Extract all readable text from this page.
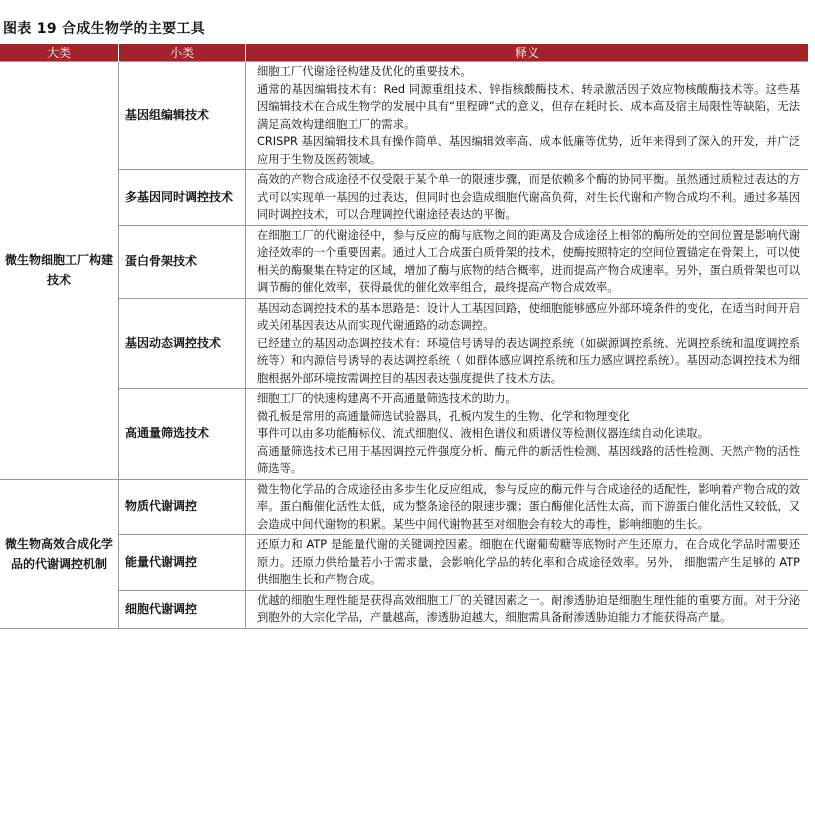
图表 19 合成生物学的主要工具
大类	小类	释义
微生物细胞工厂构建技术	基因组编辑技术	细胞工厂代谢途径构建及优化的重要技术。

通常的基因编辑技术有：Red 同源重组技术、锌指核酸酶技术、转录激活因子效应物核酸酶技术等。这些基因编辑技术在合成生物学的发展中具有“里程碑”式的意义，但存在耗时长、成本高及宿主局限性等缺陷，无法满足高效构建细胞工厂的需求。

CRISPR 基因编辑技术具有操作简单、基因编辑效率高、成本低廉等优势，近年来得到了深入的开发，并广泛应用于生物及医药领域。

	多基因同时调控技术	高效的产物合成途径不仅受限于某个单一的限速步骤，而是依赖多个酶的协同平衡。虽然通过质粒过表达的方式可以实现单一基因的过表达，但同时也会造成细胞代谢高负荷，对生长代谢和产物合成均不利。通过多基因同时调控技术，可以合理调控代谢途径表达的平衡。

	蛋白骨架技术	在细胞工厂的代谢途径中，参与反应的酶与底物之间的距离及合成途径上相邻的酶所处的空间位置是影响代谢途径效率的一个重要因素。通过人工合成蛋白质骨架的技术，使酶按照特定的空间位置锚定在骨架上，可以使相关的酶聚集在特定的区域，增加了酶与底物的结合概率，进而提高产物合成速率。另外，蛋白质骨架也可以调节酶的催化效率，获得最优的催化效率组合，最终提高产物合成效率。

	基因动态调控技术	基因动态调控技术的基本思路是：设计人工基因回路，使细胞能够感应外部环境条件的变化，在适当时间开启或关闭基因表达从而实现代谢通路的动态调控。

已经建立的基因动态调控技术有：环境信号诱导的表达调控系统（如碳源调控系统、光调控系统和温度调控系统等）和内源信号诱导的表达调控系统（ 如群体感应调控系统和压力感应调控系统）。基因动态调控技术为细胞根据外部环境按需调控目的基因表达强度提供了技术方法。

	高通量筛选技术	细胞工厂的快速构建离不开高通量筛选技术的助力。

微孔板是常用的高通量筛选试验器具，孔板内发生的生物、化学和物理变化

事件可以由多功能酶标仪、流式细胞仪、液相色谱仪和质谱仪等检测仪器连续自动化读取。

高通量筛选技术已用于基因调控元件强度分析、酶元件的新活性检测、基因线路的活性检测、天然产物的活性筛选等。

微生物高效合成化学品的代谢调控机制	物质代谢调控	微生物化学品的合成途径由多步生化反应组成，参与反应的酶元件与合成途径的适配性，影响着产物合成的效率。蛋白酶催化活性太低，成为整条途径的限速步骤；蛋白酶催化活性太高，而下游蛋白催化活性又较低，又会造成中间代谢物的积累。某些中间代谢物甚至对细胞会有较大的毒性，影响细胞的生长。

	能量代谢调控	还原力和 ATP 是能量代谢的关键调控因素。细胞在代谢葡萄糖等底物时产生还原力，在合成化学品时需要还原力。还原力供给量若小于需求量，会影响化学品的转化率和合成途径效率。另外， 细胞需产生足够的 ATP 供细胞生长和产物合成。

	细胞代谢调控	优越的细胞生理性能是获得高效细胞工厂的关键因素之一。耐渗透胁迫是细胞生理性能的重要方面。对于分泌到胞外的大宗化学品，产量越高，渗透胁迫越大，细胞需具备耐渗透胁迫能力才能获得高产量。
